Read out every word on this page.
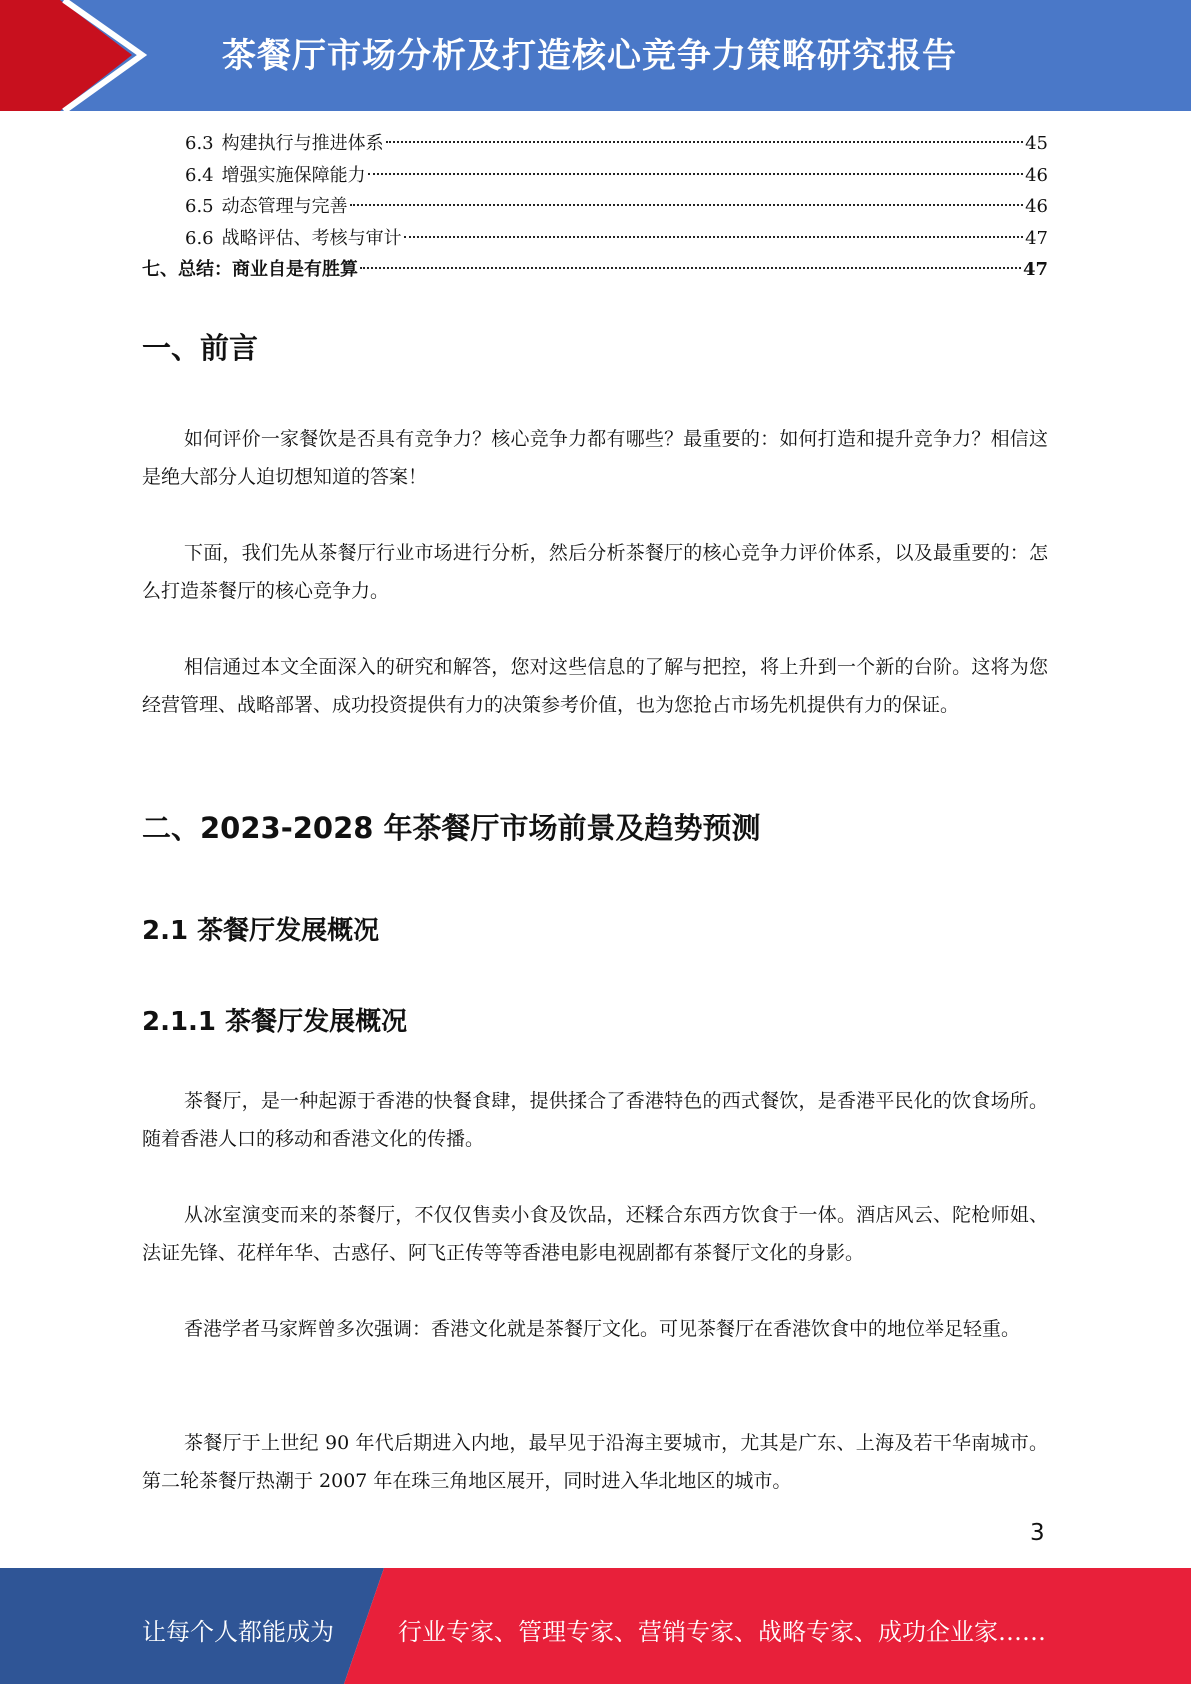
茶餐厅市场分析及打造核心竞争力策略研究报告
6.3 构建执行与推进体系	45
6.4 增强实施保障能力	46
6.5 动态管理与完善	46
6.6 战略评估、考核与审计	47
七、总结：商业自是有胜算	47
一、前言

如何评价一家餐饮是否具有竞争力？核心竞争力都有哪些？最重要的：如何打造和提升竞争力？相信这是绝大部分人迫切想知道的答案！

下面，我们先从茶餐厅行业市场进行分析，然后分析茶餐厅的核心竞争力评价体系，以及最重要的：怎么打造茶餐厅的核心竞争力。

相信通过本文全面深入的研究和解答，您对这些信息的了解与把控，将上升到一个新的台阶。这将为您经营管理、战略部署、成功投资提供有力的决策参考价值，也为您抢占市场先机提供有力的保证。

二、2023-2028 年茶餐厅市场前景及趋势预测
2.1 茶餐厅发展概况
2.1.1 茶餐厅发展概况

茶餐厅，是一种起源于香港的快餐食肆，提供揉合了香港特色的西式餐饮，是香港平民化的饮食场所。随着香港人口的移动和香港文化的传播。

从冰室演变而来的茶餐厅，不仅仅售卖小食及饮品，还糅合东西方饮食于一体。酒店风云、陀枪师姐、法证先锋、花样年华、古惑仔、阿飞正传等等香港电影电视剧都有茶餐厅文化的身影。

香港学者马家辉曾多次强调：香港文化就是茶餐厅文化。可见茶餐厅在香港饮食中的地位举足轻重。

茶餐厅于上世纪 90 年代后期进入内地，最早见于沿海主要城市，尤其是广东、上海及若干华南城市。第二轮茶餐厅热潮于 2007 年在珠三角地区展开，同时进入华北地区的城市。

3
让每个人都能成为	行业专家、管理专家、营销专家、战略专家、成功企业家……
